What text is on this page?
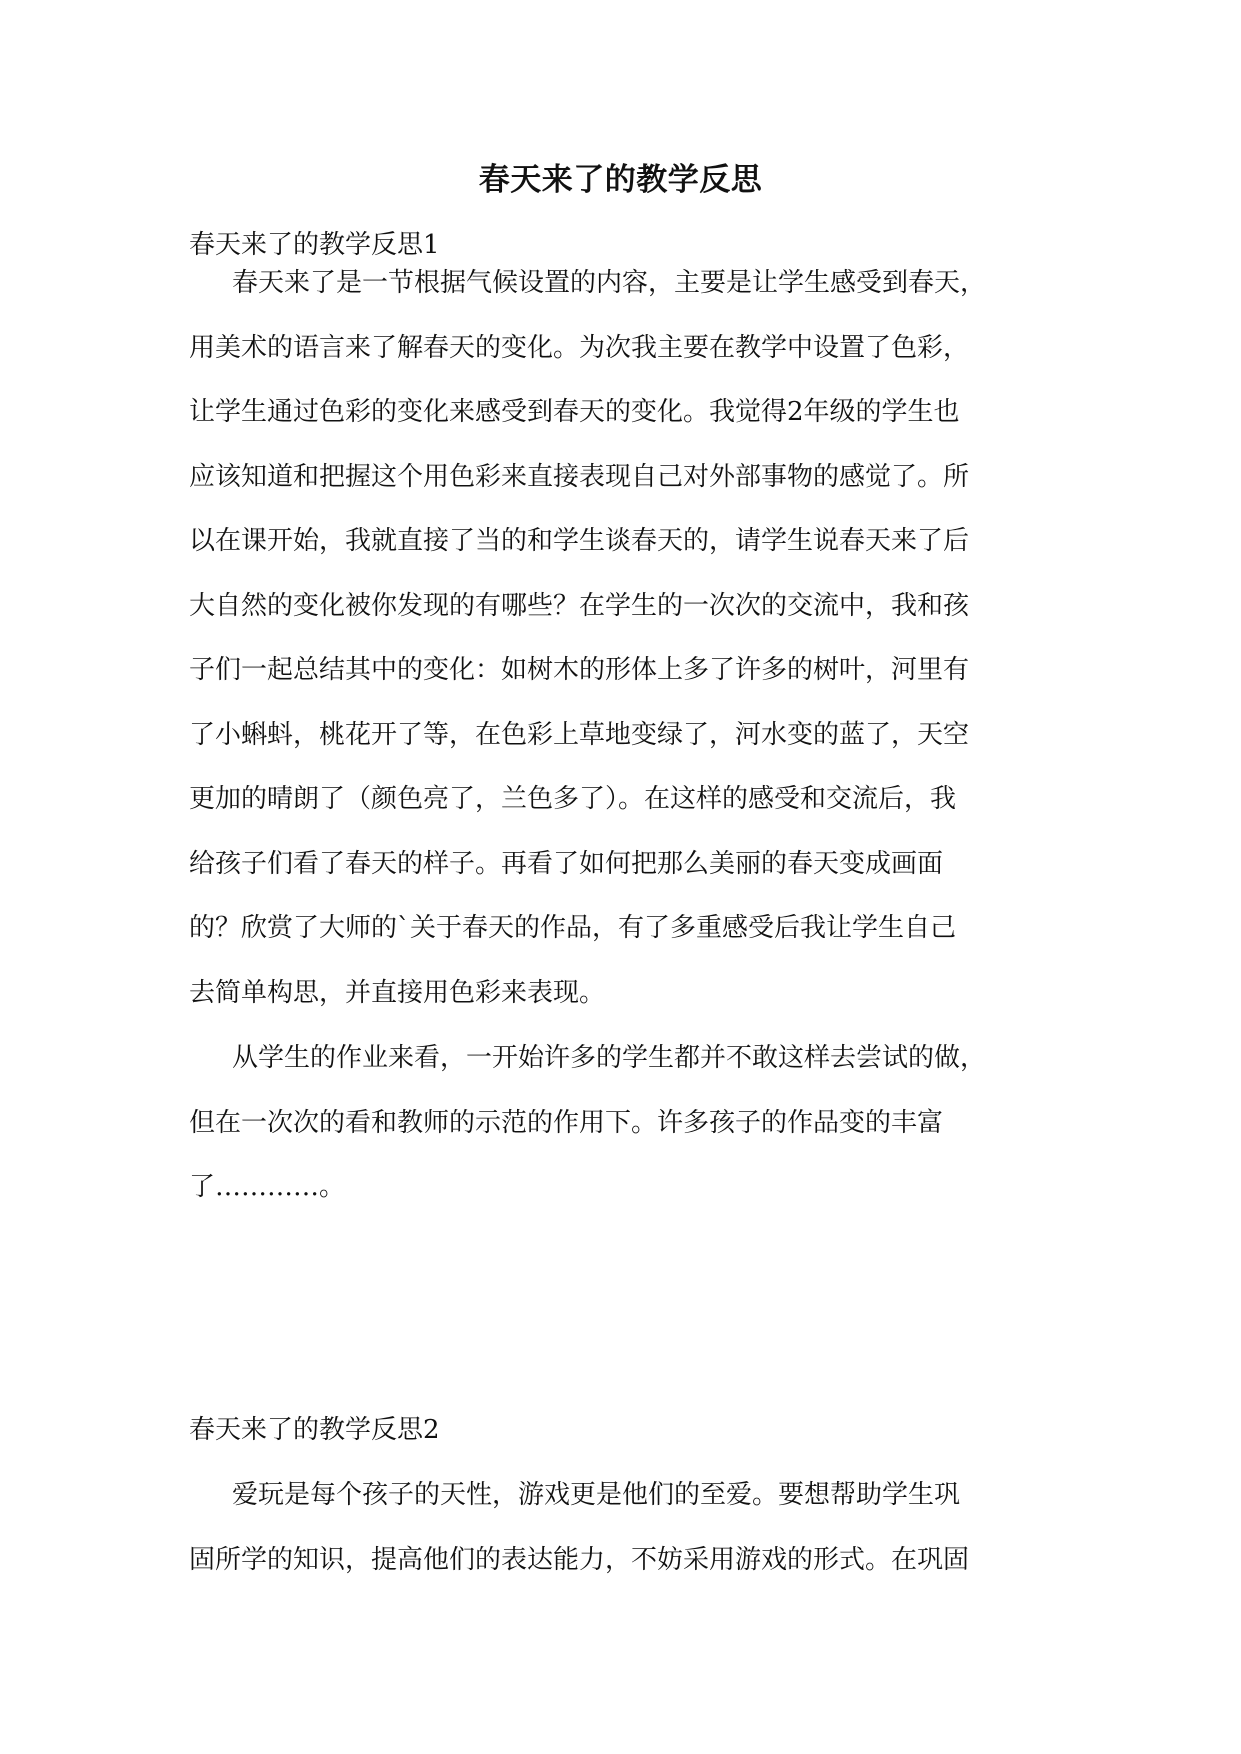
春天来了的教学反思
春天来了的教学反思1
春天来了是一节根据气候设置的内容，主要是让学生感受到春天，
用美术的语言来了解春天的变化。为次我主要在教学中设置了色彩，
让学生通过色彩的变化来感受到春天的变化。我觉得2年级的学生也
应该知道和把握这个用色彩来直接表现自己对外部事物的感觉了。所
以在课开始，我就直接了当的和学生谈春天的，请学生说春天来了后
大自然的变化被你发现的有哪些？在学生的一次次的交流中，我和孩
子们一起总结其中的变化：如树木的形体上多了许多的树叶，河里有
了小蝌蚪，桃花开了等，在色彩上草地变绿了，河水变的蓝了，天空
更加的晴朗了（颜色亮了，兰色多了）。在这样的感受和交流后，我
给孩子们看了春天的样子。再看了如何把那么美丽的春天变成画面
的？欣赏了大师的`关于春天的作品，有了多重感受后我让学生自己
去简单构思，并直接用色彩来表现。
从学生的作业来看，一开始许多的学生都并不敢这样去尝试的做，
但在一次次的看和教师的示范的作用下。许多孩子的作品变的丰富
了…………。
春天来了的教学反思2
爱玩是每个孩子的天性，游戏更是他们的至爱。要想帮助学生巩
固所学的知识，提高他们的表达能力，不妨采用游戏的形式。在巩固
